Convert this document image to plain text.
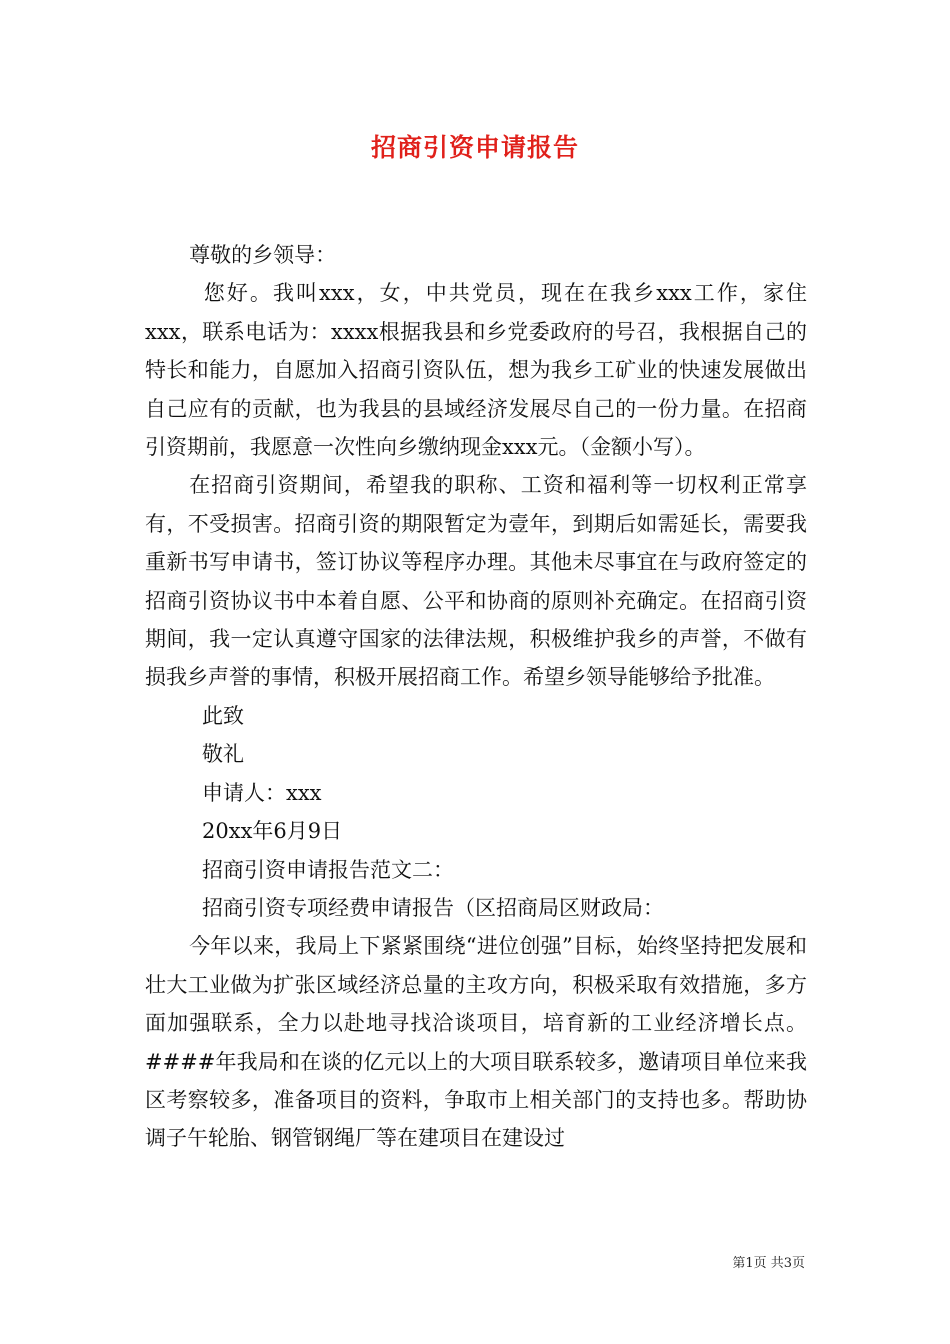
招商引资申请报告

尊敬的乡领导：

您好。我叫xxx，女，中共党员，现在在我乡xxx工作，家住xxx，联系电话为：xxxx根据我县和乡党委政府的号召，我根据自己的特长和能力，自愿加入招商引资队伍，想为我乡工矿业的快速发展做出自己应有的贡献，也为我县的县域经济发展尽自己的一份力量。在招商引资期前，我愿意一次性向乡缴纳现金xxx元。（金额小写）。

在招商引资期间，希望我的职称、工资和福利等一切权利正常享有，不受损害。招商引资的期限暂定为壹年，到期后如需延长，需要我重新书写申请书，签订协议等程序办理。其他未尽事宜在与政府签定的招商引资协议书中本着自愿、公平和协商的原则补充确定。在招商引资期间，我一定认真遵守国家的法律法规，积极维护我乡的声誉，不做有损我乡声誉的事情，积极开展招商工作。希望乡领导能够给予批准。

此致

敬礼

申请人：xxx

20xx年6月9日

招商引资申请报告范文二：

招商引资专项经费申请报告（区招商局区财政局：

今年以来，我局上下紧紧围绕“进位创强”目标，始终坚持把发展和壮大工业做为扩张区域经济总量的主攻方向，积极采取有效措施，多方面加强联系，全力以赴地寻找洽谈项目，培育新的工业经济增长点。####年我局和在谈的亿元以上的大项目联系较多，邀请项目单位来我区考察较多，准备项目的资料，争取市上相关部门的支持也多。帮助协调子午轮胎、钢管钢绳厂等在建项目在建设过

第1页 共3页
